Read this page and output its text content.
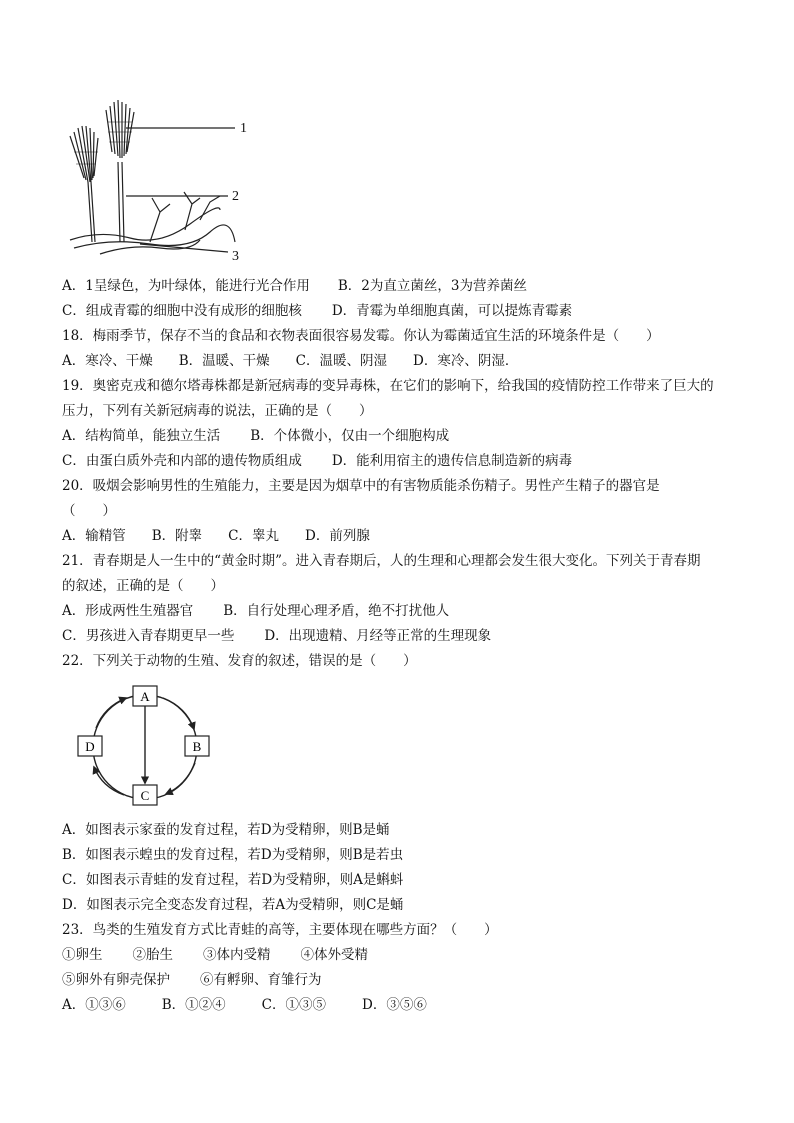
1
2
3
A．1呈绿色，为叶绿体，能进行光合作用 B．2为直立菌丝，3为营养菌丝
C．组成青霉的细胞中没有成形的细胞核 D．青霉为单细胞真菌，可以提炼青霉素
18．梅雨季节，保存不当的食品和衣物表面很容易发霉。你认为霉菌适宜生活的环境条件是（　　）
A．寒冷、干燥 B．温暖、干燥 C．温暖、阴湿 D．寒冷、阴湿．
19．奥密克戎和德尔塔毒株都是新冠病毒的变异毒株，在它们的影响下，给我国的疫情防控工作带来了巨大的
压力，下列有关新冠病毒的说法，正确的是（　　）
A．结构简单，能独立生活 B．个体微小，仅由一个细胞构成
C．由蛋白质外壳和内部的遗传物质组成 D．能利用宿主的遗传信息制造新的病毒
20．吸烟会影响男性的生殖能力，主要是因为烟草中的有害物质能杀伤精子。男性产生精子的器官是
（　　）
A．输精管 B．附睾 C．睾丸 D．前列腺
21．青春期是人一生中的“黄金时期”。进入青春期后，人的生理和心理都会发生很大变化。下列关于青春期
的叙述，正确的是（　　）
A．形成两性生殖器官 B．自行处理心理矛盾，绝不打扰他人
C．男孩进入青春期更早一些 D．出现遗精、月经等正常的生理现象
22．下列关于动物的生殖、发育的叙述，错误的是（　　）
A
B
C
D
A．如图表示家蚕的发育过程，若D为受精卵，则B是蛹
B．如图表示蝗虫的发育过程，若D为受精卵，则B是若虫
C．如图表示青蛙的发育过程，若D为受精卵，则A是蝌蚪
D．如图表示完全变态发育过程，若A为受精卵，则C是蛹
23．鸟类的生殖发育方式比青蛙的高等，主要体现在哪些方面？（　　）
①卵生 ②胎生 ③体内受精 ④体外受精
⑤卵外有卵壳保护 ⑥有孵卵、育雏行为
A．①③⑥	B．①②④	C．①③⑤	D．③⑤⑥
